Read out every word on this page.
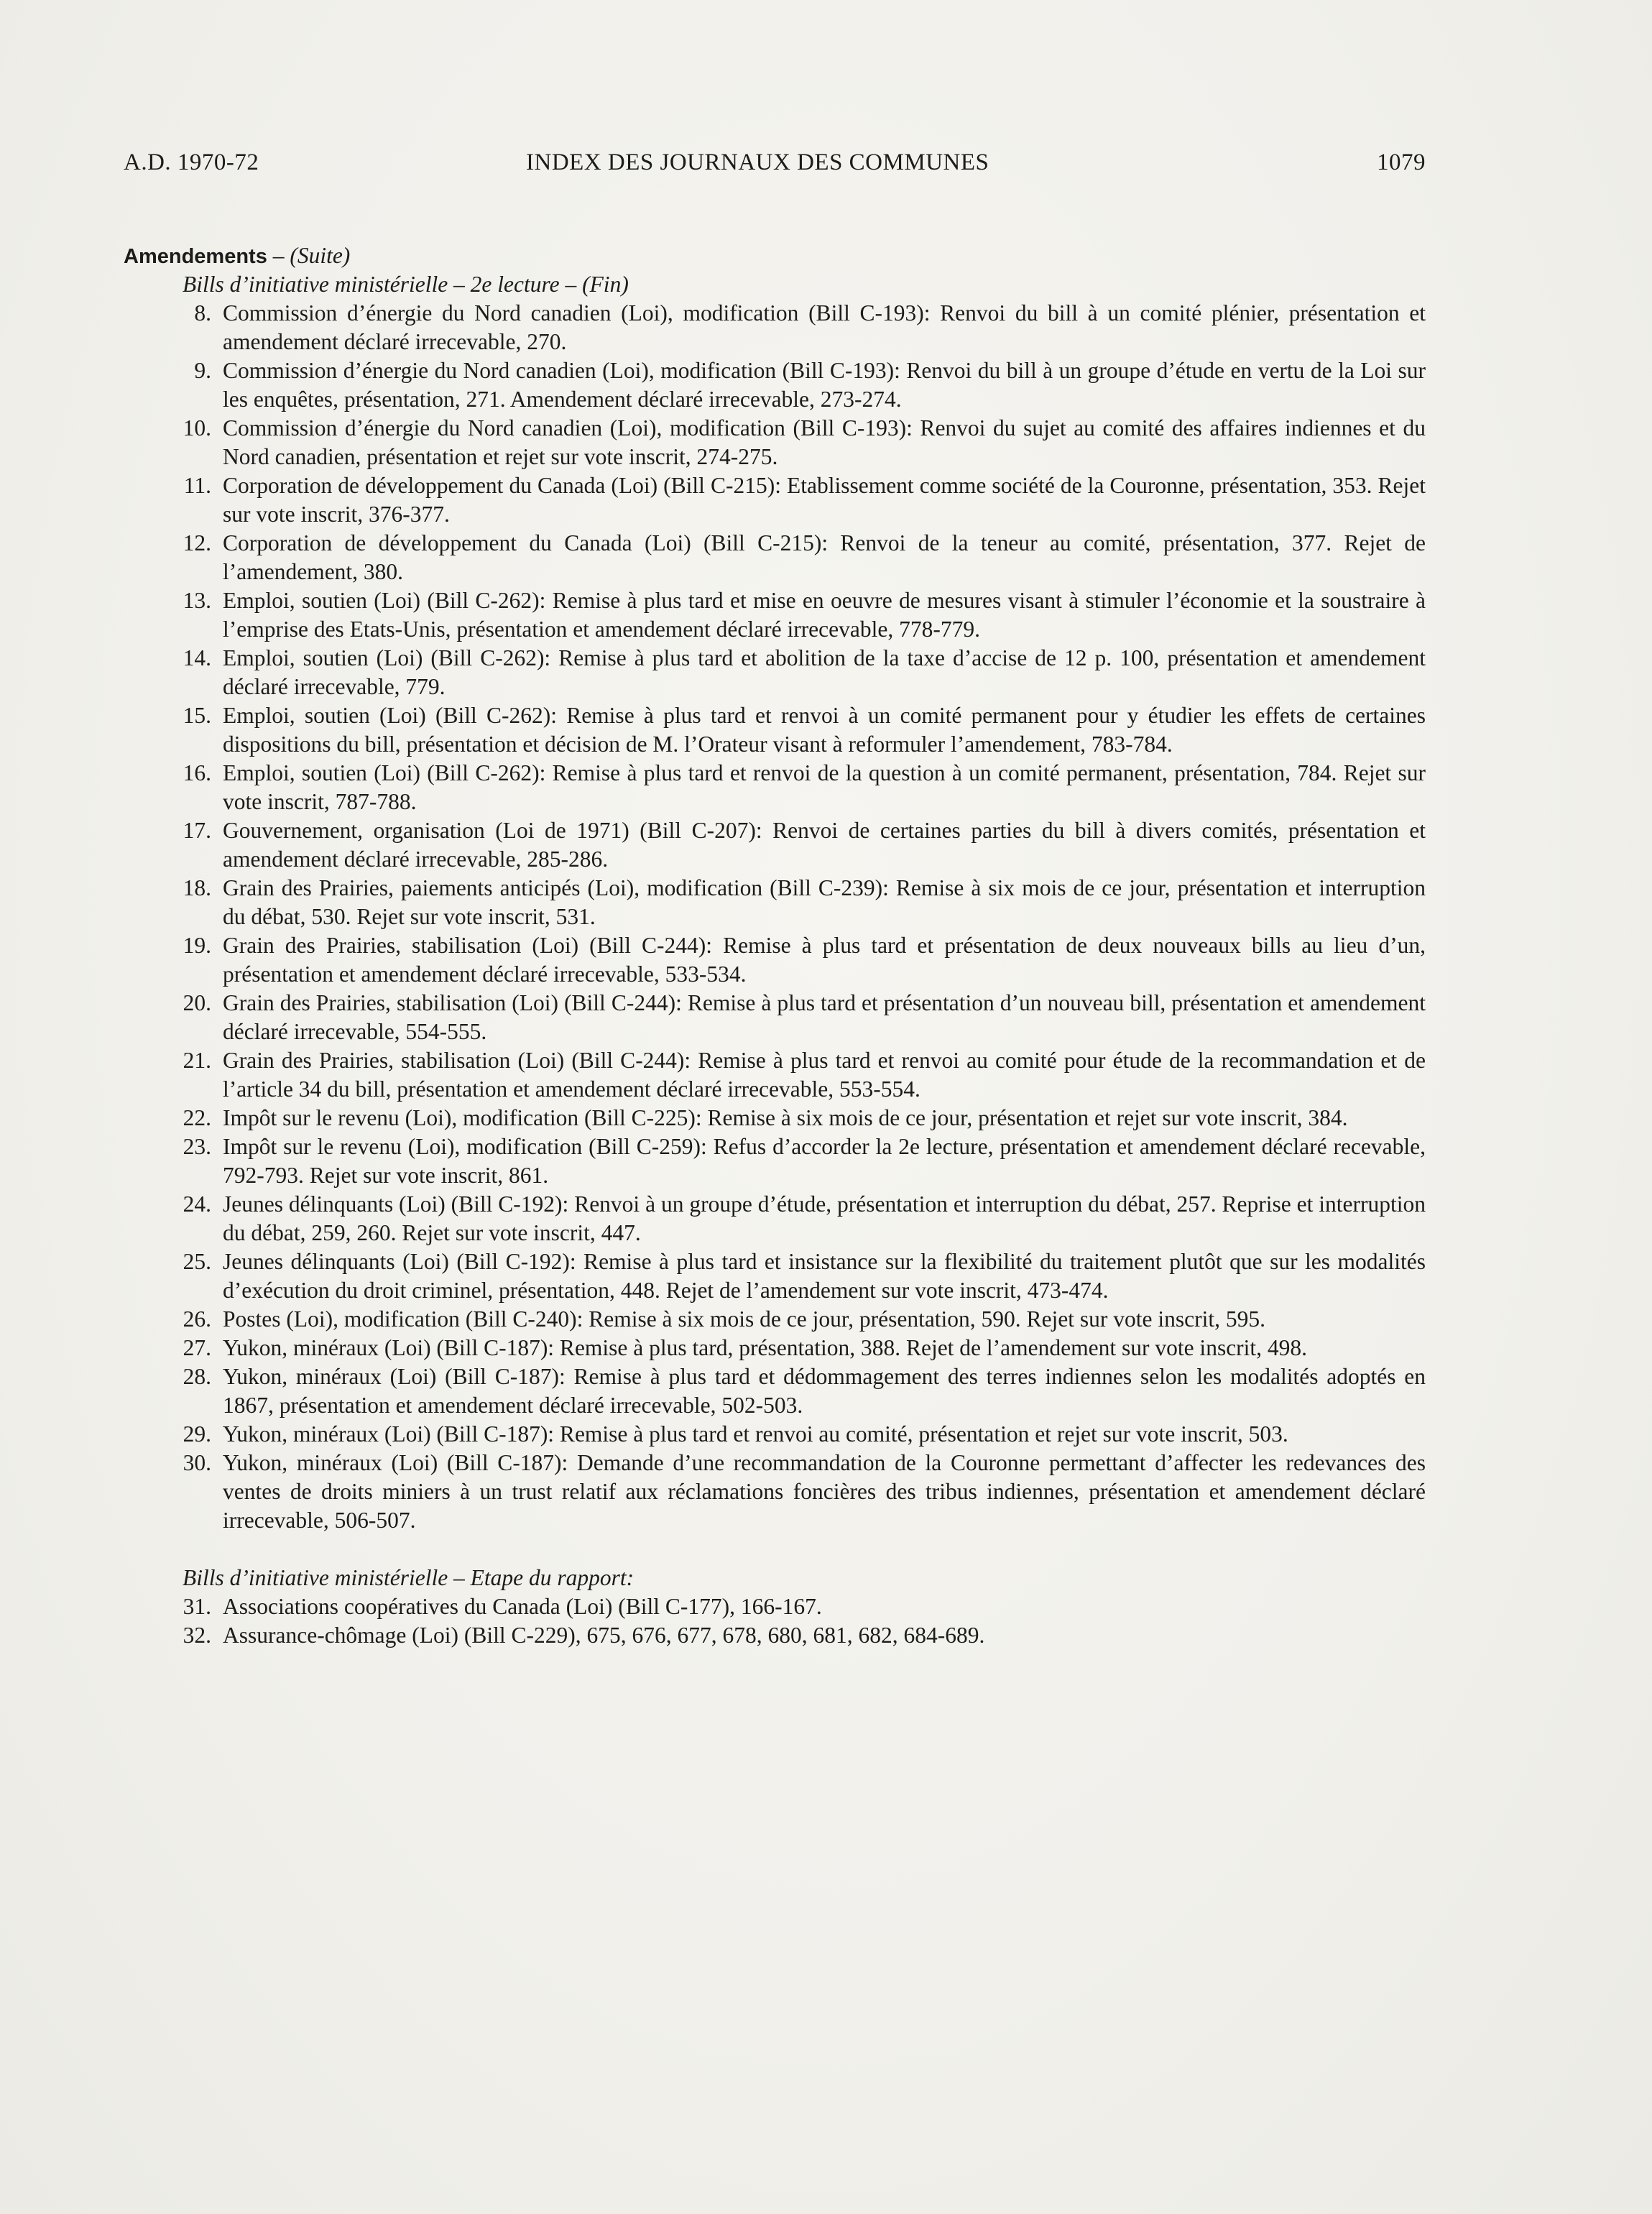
A.D. 1970-72	INDEX DES JOURNAUX DES COMMUNES	1079

Amendements – (Suite)

Bills d’initiative ministérielle – 2e lecture – (Fin)

8. Commission d’énergie du Nord canadien (Loi), modification (Bill C-193): Renvoi du bill à un comité plénier, présentation et amendement déclaré irrecevable, 270.
9. Commission d’énergie du Nord canadien (Loi), modification (Bill C-193): Renvoi du bill à un groupe d’étude en vertu de la Loi sur les enquêtes, présentation, 271. Amendement déclaré irrecevable, 273-274.
10. Commission d’énergie du Nord canadien (Loi), modification (Bill C-193): Renvoi du sujet au comité des affaires indiennes et du Nord canadien, présentation et rejet sur vote inscrit, 274-275.
11. Corporation de développement du Canada (Loi) (Bill C-215): Etablissement comme société de la Couronne, présentation, 353. Rejet sur vote inscrit, 376-377.
12. Corporation de développement du Canada (Loi) (Bill C-215): Renvoi de la teneur au comité, présentation, 377. Rejet de l’amendement, 380.
13. Emploi, soutien (Loi) (Bill C-262): Remise à plus tard et mise en oeuvre de mesures visant à stimuler l’économie et la soustraire à l’emprise des Etats-Unis, présentation et amendement déclaré irrecevable, 778-779.
14. Emploi, soutien (Loi) (Bill C-262): Remise à plus tard et abolition de la taxe d’accise de 12 p. 100, présentation et amendement déclaré irrecevable, 779.
15. Emploi, soutien (Loi) (Bill C-262): Remise à plus tard et renvoi à un comité permanent pour y étudier les effets de certaines dispositions du bill, présentation et décision de M. l’Orateur visant à reformuler l’amendement, 783-784.
16. Emploi, soutien (Loi) (Bill C-262): Remise à plus tard et renvoi de la question à un comité permanent, présentation, 784. Rejet sur vote inscrit, 787-788.
17. Gouvernement, organisation (Loi de 1971) (Bill C-207): Renvoi de certaines parties du bill à divers comités, présentation et amendement déclaré irrecevable, 285-286.
18. Grain des Prairies, paiements anticipés (Loi), modification (Bill C-239): Remise à six mois de ce jour, présentation et interruption du débat, 530. Rejet sur vote inscrit, 531.
19. Grain des Prairies, stabilisation (Loi) (Bill C-244): Remise à plus tard et présentation de deux nouveaux bills au lieu d’un, présentation et amendement déclaré irrecevable, 533-534.
20. Grain des Prairies, stabilisation (Loi) (Bill C-244): Remise à plus tard et présentation d’un nouveau bill, présentation et amendement déclaré irrecevable, 554-555.
21. Grain des Prairies, stabilisation (Loi) (Bill C-244): Remise à plus tard et renvoi au comité pour étude de la recommandation et de l’article 34 du bill, présentation et amendement déclaré irrecevable, 553-554.
22. Impôt sur le revenu (Loi), modification (Bill C-225): Remise à six mois de ce jour, présentation et rejet sur vote inscrit, 384.
23. Impôt sur le revenu (Loi), modification (Bill C-259): Refus d’accorder la 2e lecture, présentation et amendement déclaré recevable, 792-793. Rejet sur vote inscrit, 861.
24. Jeunes délinquants (Loi) (Bill C-192): Renvoi à un groupe d’étude, présentation et interruption du débat, 257. Reprise et interruption du débat, 259, 260. Rejet sur vote inscrit, 447.
25. Jeunes délinquants (Loi) (Bill C-192): Remise à plus tard et insistance sur la flexibilité du traitement plutôt que sur les modalités d’exécution du droit criminel, présentation, 448. Rejet de l’amendement sur vote inscrit, 473-474.
26. Postes (Loi), modification (Bill C-240): Remise à six mois de ce jour, présentation, 590. Rejet sur vote inscrit, 595.
27. Yukon, minéraux (Loi) (Bill C-187): Remise à plus tard, présentation, 388. Rejet de l’amendement sur vote inscrit, 498.
28. Yukon, minéraux (Loi) (Bill C-187): Remise à plus tard et dédommagement des terres indiennes selon les modalités adoptés en 1867, présentation et amendement déclaré irrecevable, 502-503.
29. Yukon, minéraux (Loi) (Bill C-187): Remise à plus tard et renvoi au comité, présentation et rejet sur vote inscrit, 503.
30. Yukon, minéraux (Loi) (Bill C-187): Demande d’une recommandation de la Couronne permettant d’affecter les redevances des ventes de droits miniers à un trust relatif aux réclamations foncières des tribus indiennes, présentation et amendement déclaré irrecevable, 506-507.

Bills d’initiative ministérielle – Etape du rapport:

31. Associations coopératives du Canada (Loi) (Bill C-177), 166-167.
32. Assurance-chômage (Loi) (Bill C-229), 675, 676, 677, 678, 680, 681, 682, 684-689.
